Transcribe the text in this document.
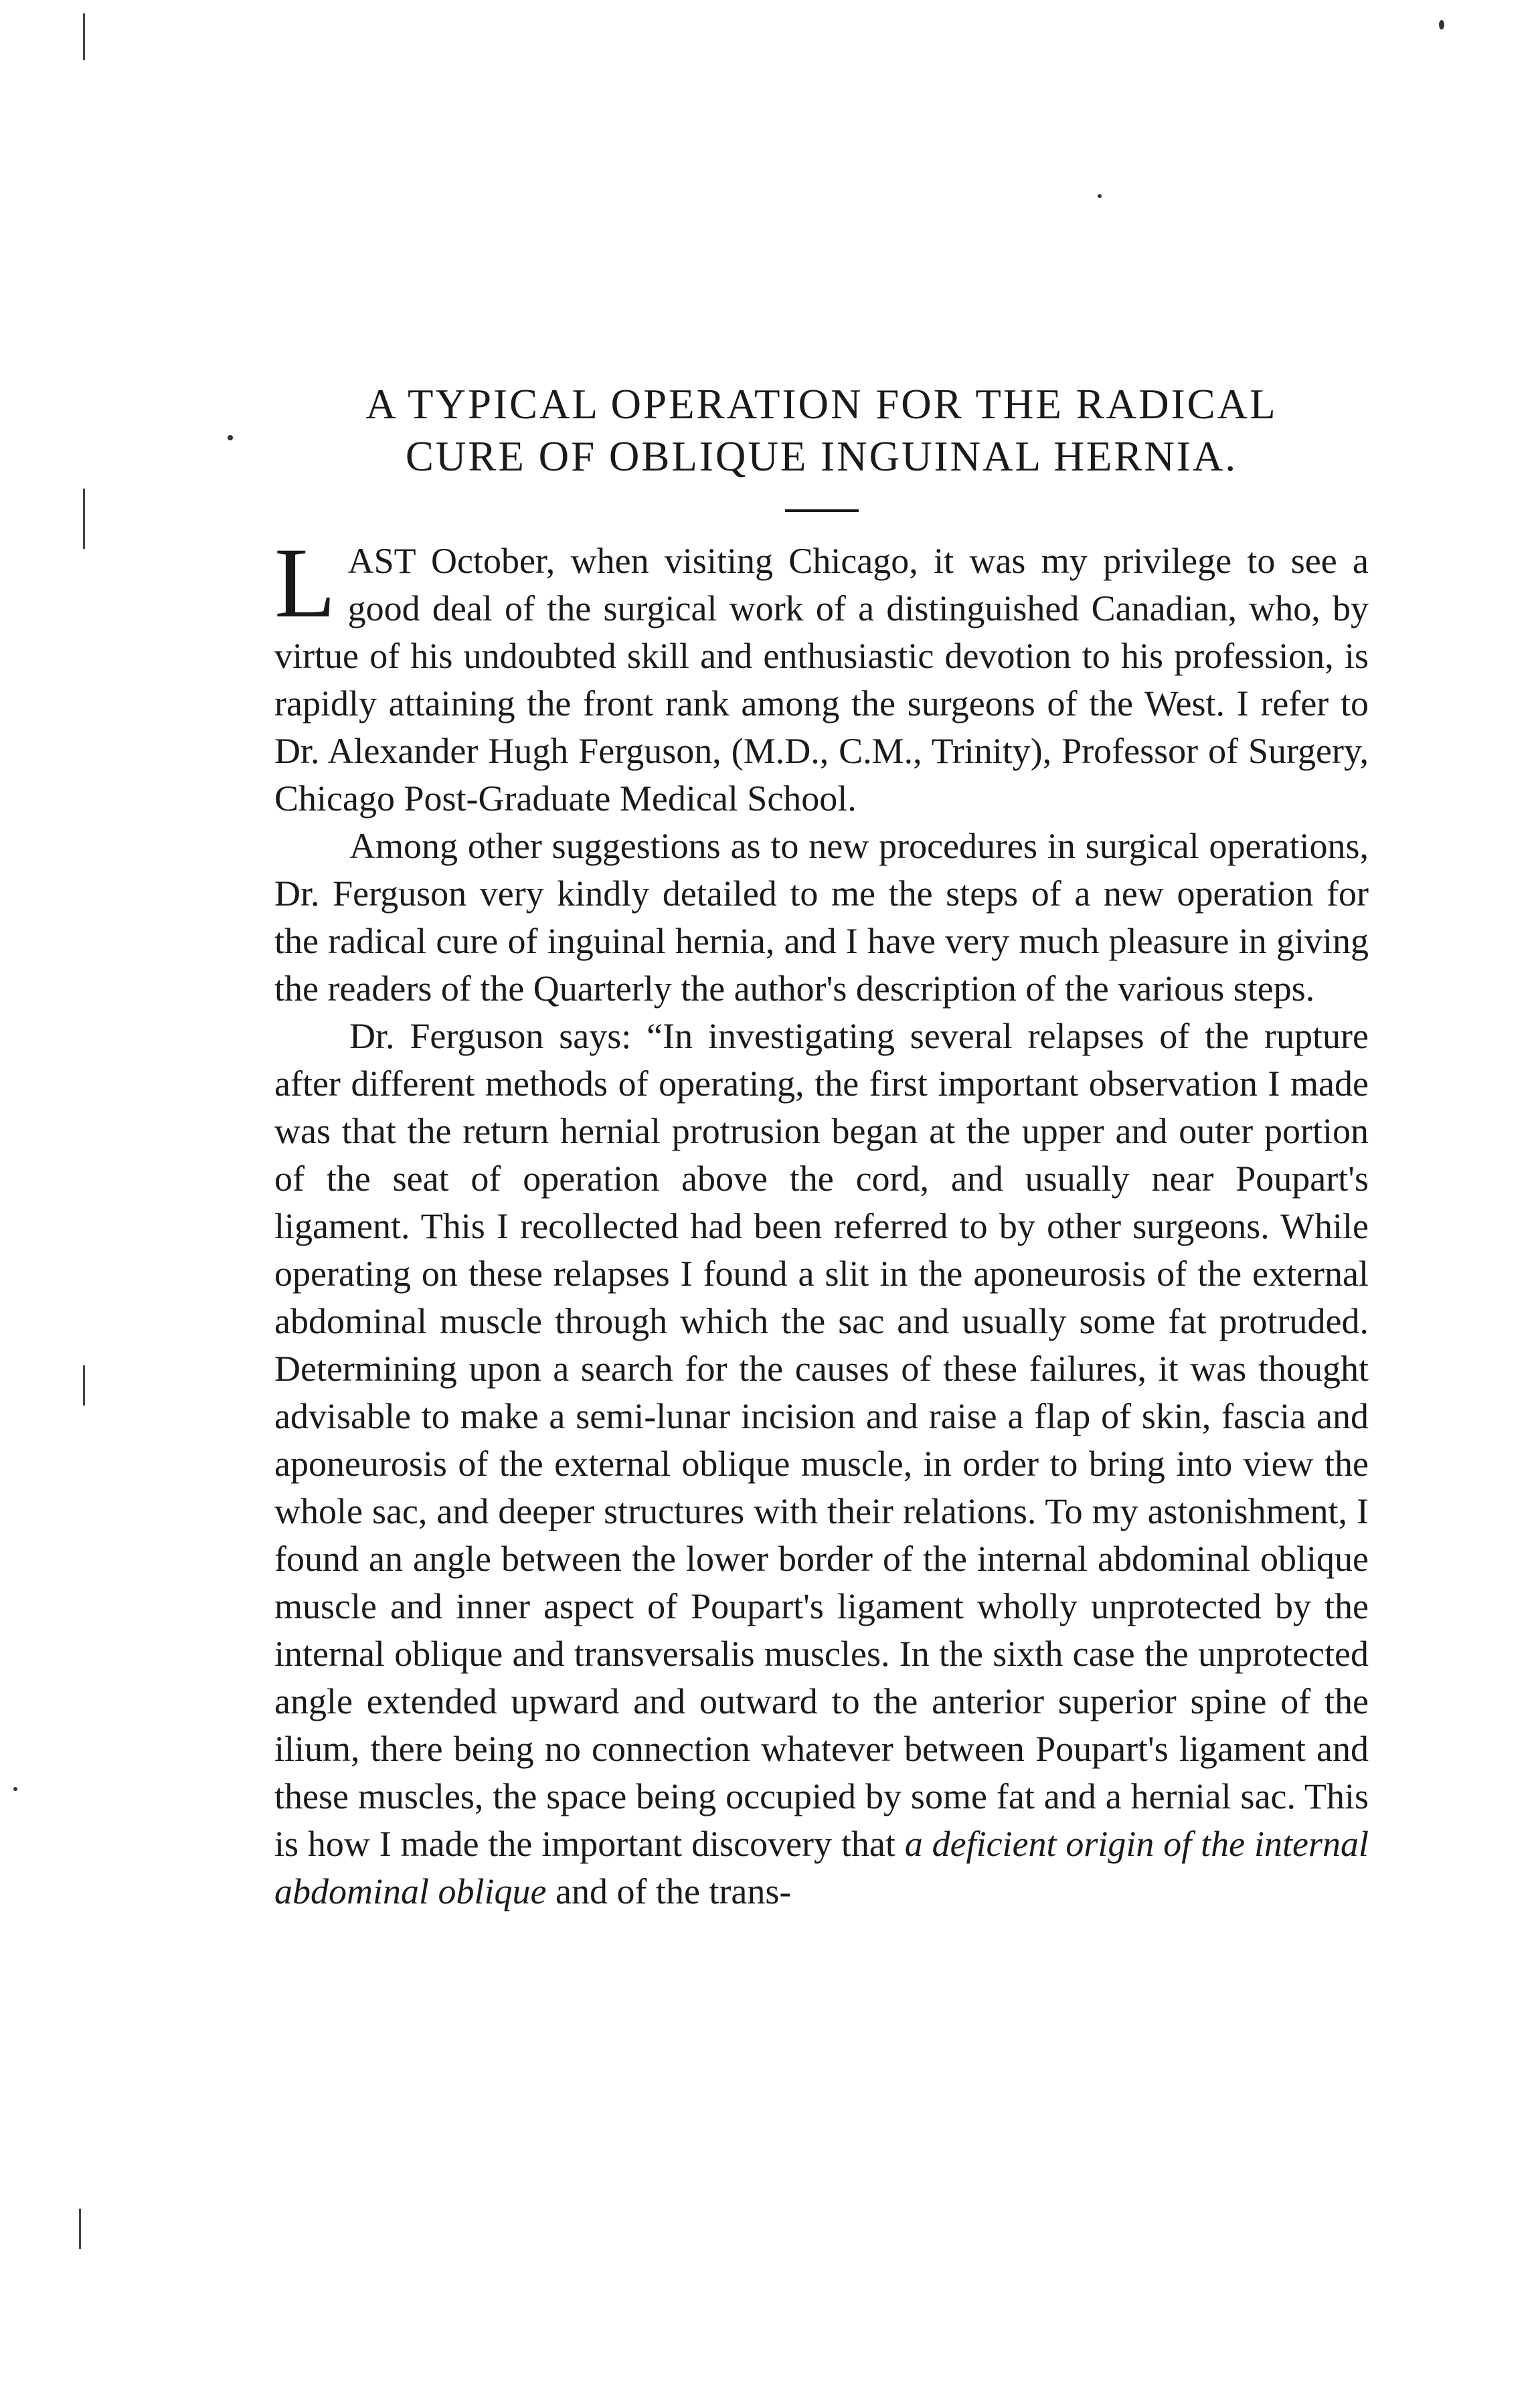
A TYPICAL OPERATION FOR THE RADICAL
CURE OF OBLIQUE INGUINAL HERNIA.

LAST October, when visiting Chicago, it was my privilege to see a good deal of the surgical work of a distinguished Canadian, who, by virtue of his undoubted skill and enthusiastic devotion to his profession, is rapidly attaining the front rank among the surgeons of the West. I refer to Dr. Alexander Hugh Ferguson, (M.D., C.M., Trinity), Professor of Surgery, Chicago Post-Graduate Medical School.

Among other suggestions as to new procedures in surgical operations, Dr. Ferguson very kindly detailed to me the steps of a new operation for the radical cure of inguinal hernia, and I have very much pleasure in giving the readers of the Quarterly the author's description of the various steps.

Dr. Ferguson says: “In investigating several relapses of the rupture after different methods of operating, the first important observation I made was that the return hernial protrusion began at the upper and outer portion of the seat of operation above the cord, and usually near Poupart's ligament. This I recollected had been referred to by other surgeons. While operating on these relapses I found a slit in the aponeurosis of the external abdominal muscle through which the sac and usually some fat protruded. Determining upon a search for the causes of these failures, it was thought advisable to make a semi-lunar incision and raise a flap of skin, fascia and aponeurosis of the external oblique muscle, in order to bring into view the whole sac, and deeper structures with their relations. To my astonishment, I found an angle between the lower border of the internal abdominal oblique muscle and inner aspect of Poupart's ligament wholly unprotected by the internal oblique and transversalis muscles. In the sixth case the unprotected angle extended upward and outward to the anterior superior spine of the ilium, there being no connection whatever between Poupart's ligament and these muscles, the space being occupied by some fat and a hernial sac. This is how I made the important discovery that a deficient origin of the internal abdominal oblique and of the trans-
